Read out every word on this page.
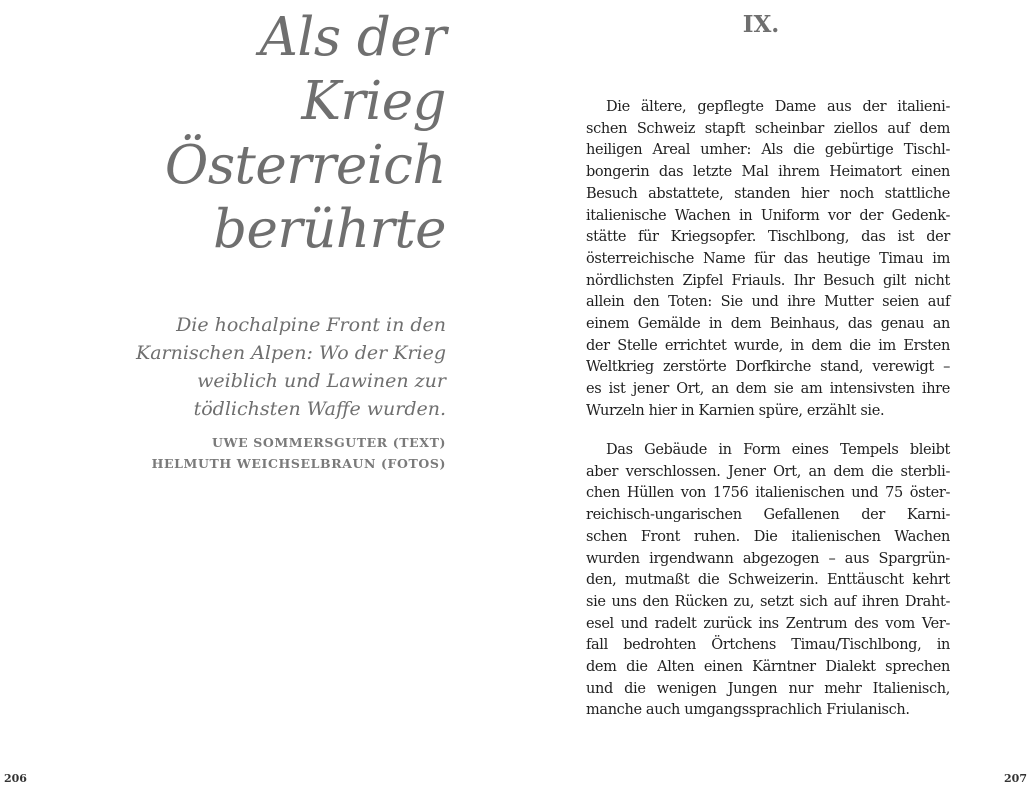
Als der
Krieg
Österreich
berührte

Die hochalpine Front in den
Karnischen Alpen: Wo der Krieg
weiblich und Lawinen zur
tödlichsten Waffe wurden.

UWE SOMMERSGUTER (TEXT)
HELMUTH WEICHSELBRAUN (FOTOS)
206
IX.

Die ältere, gepflegte Dame aus der italieni-
schen Schweiz stapft scheinbar ziellos auf dem
heiligen Areal umher: Als die gebürtige Tischl-
bongerin das letzte Mal ihrem Heimatort einen
Besuch abstattete, standen hier noch stattliche
italienische Wachen in Uniform vor der Gedenk-
stätte für Kriegsopfer. Tischlbong, das ist der
österreichische Name für das heutige Timau im
nördlichsten Zipfel Friauls. Ihr Besuch gilt nicht
allein den Toten: Sie und ihre Mutter seien auf
einem Gemälde in dem Beinhaus, das genau an
der Stelle errichtet wurde, in dem die im Ersten
Weltkrieg zerstörte Dorfkirche stand, verewigt –
es ist jener Ort, an dem sie am intensivsten ihre
Wurzeln hier in Karnien spüre, erzählt sie.

Das Gebäude in Form eines Tempels bleibt
aber verschlossen. Jener Ort, an dem die sterbli-
chen Hüllen von 1756 italienischen und 75 öster-
reichisch-ungarischen Gefallenen der Karni-
schen Front ruhen. Die italienischen Wachen
wurden irgendwann abgezogen – aus Spargrün-
den, mutmaßt die Schweizerin. Enttäuscht kehrt
sie uns den Rücken zu, setzt sich auf ihren Draht-
esel und radelt zurück ins Zentrum des vom Ver-
fall bedrohten Örtchens Timau/Tischlbong, in
dem die Alten einen Kärntner Dialekt sprechen
und die wenigen Jungen nur mehr Italienisch,
manche auch umgangssprachlich Friulanisch.

207
